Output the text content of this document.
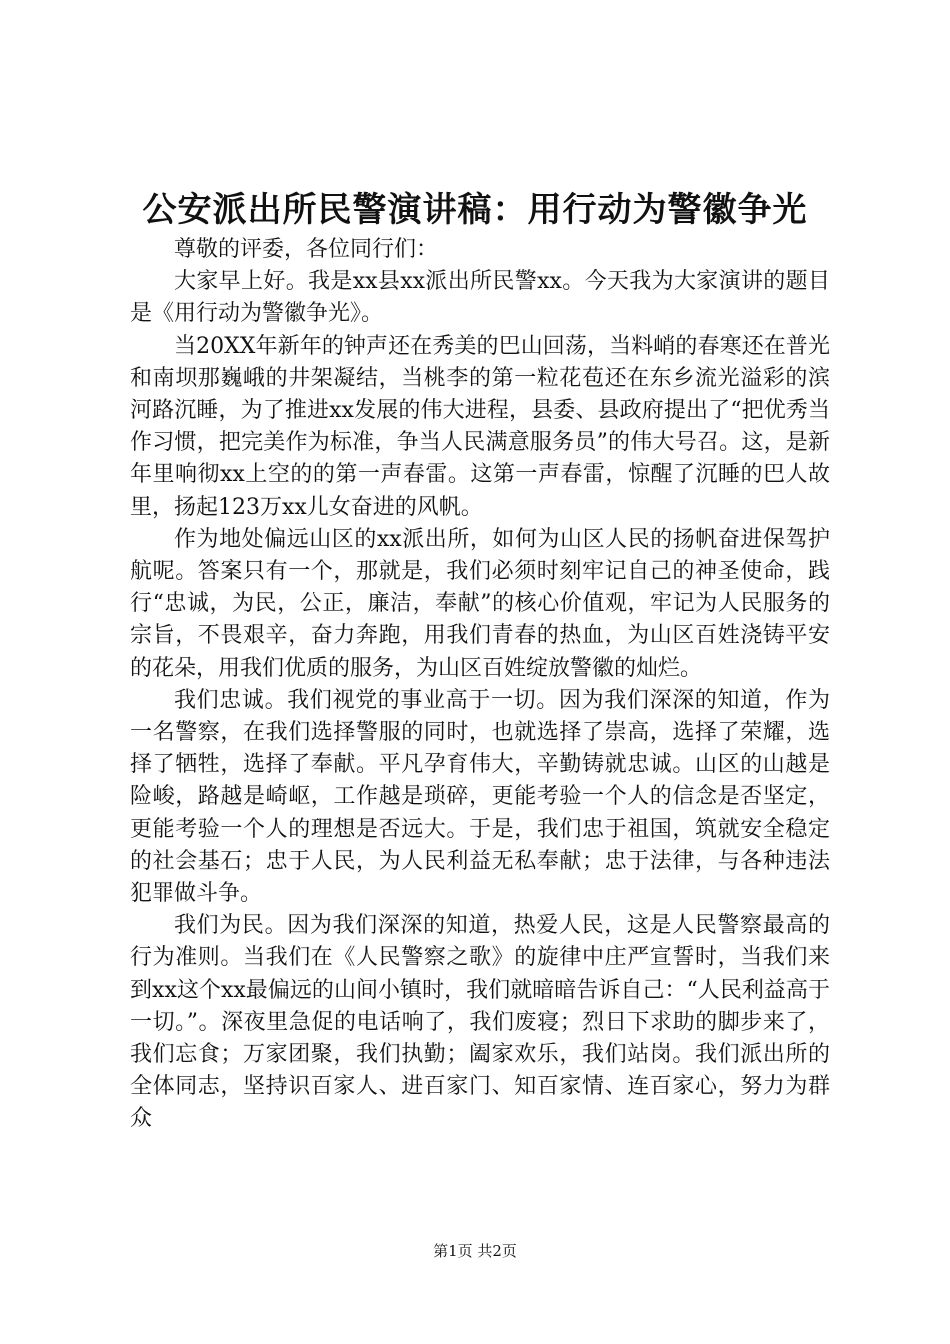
公安派出所民警演讲稿：用行动为警徽争光

尊敬的评委，各位同行们：

大家早上好。我是xx县xx派出所民警xx。今天我为大家演讲的题目是《用行动为警徽争光》。

当20XX年新年的钟声还在秀美的巴山回荡，当料峭的春寒还在普光和南坝那巍峨的井架凝结，当桃李的第一粒花苞还在东乡流光溢彩的滨河路沉睡，为了推进xx发展的伟大进程，县委、县政府提出了“把优秀当作习惯，把完美作为标准，争当人民满意服务员”的伟大号召。这，是新年里响彻xx上空的的第一声春雷。这第一声春雷，惊醒了沉睡的巴人故里，扬起123万xx儿女奋进的风帆。

作为地处偏远山区的xx派出所，如何为山区人民的扬帆奋进保驾护航呢。答案只有一个，那就是，我们必须时刻牢记自己的神圣使命，践行“忠诚，为民，公正，廉洁，奉献”的核心价值观，牢记为人民服务的宗旨，不畏艰辛，奋力奔跑，用我们青春的热血，为山区百姓浇铸平安的花朵，用我们优质的服务，为山区百姓绽放警徽的灿烂。

我们忠诚。我们视党的事业高于一切。因为我们深深的知道，作为一名警察，在我们选择警服的同时，也就选择了崇高，选择了荣耀，选择了牺牲，选择了奉献。平凡孕育伟大，辛勤铸就忠诚。山区的山越是险峻，路越是崎岖，工作越是琐碎，更能考验一个人的信念是否坚定，更能考验一个人的理想是否远大。于是，我们忠于祖国，筑就安全稳定的社会基石；忠于人民，为人民利益无私奉献；忠于法律，与各种违法犯罪做斗争。

我们为民。因为我们深深的知道，热爱人民，这是人民警察最高的行为准则。当我们在《人民警察之歌》的旋律中庄严宣誓时，当我们来到xx这个xx最偏远的山间小镇时，我们就暗暗告诉自己：“人民利益高于一切。”。深夜里急促的电话响了，我们废寝；烈日下求助的脚步来了，我们忘食；万家团聚，我们执勤；阖家欢乐，我们站岗。我们派出所的全体同志，坚持识百家人、进百家门、知百家情、连百家心，努力为群众

第1页 共2页
